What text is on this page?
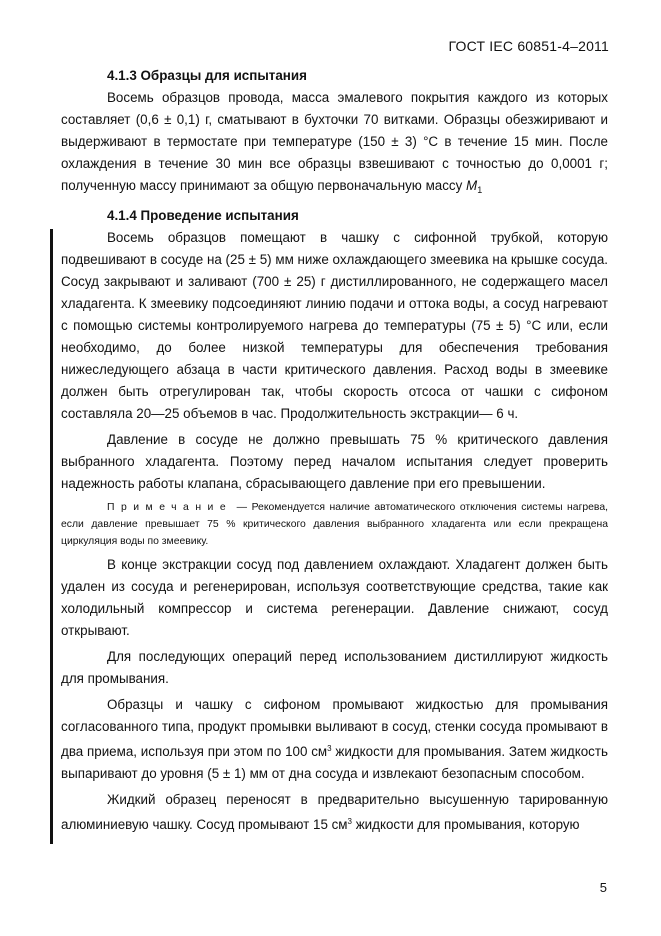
ГОСТ IEC 60851-4–2011

4.1.3 Образцы для испытания

Восемь образцов провода, масса эмалевого покрытия каждого из которых составляет (0,6 ± 0,1) г, сматывают в бухточки 70 витками. Образцы обезжиривают и выдерживают в термостате при температуре (150 ± 3) °С в течение 15 мин. После охлаждения в течение 30 мин все образцы взвешивают с точностью до 0,0001 г; полученную массу принимают за общую первоначальную массу $M_1$

4.1.4 Проведение испытания

Восемь образцов помещают в чашку с сифонной трубкой, которую подвешивают в сосуде на (25 ± 5) мм ниже охлаждающего змеевика на крышке сосуда. Сосуд закрывают и заливают (700 ± 25) г дистиллированного, не содержащего масел хладагента. К змеевику подсоединяют линию подачи и оттока воды, а сосуд нагревают с помощью системы контролируемого нагрева до температуры (75 ± 5) °С или, если необходимо, до более низкой температуры для обеспечения требования нижеследующего абзаца в части критического давления. Расход воды в змеевике должен быть отрегулирован так, чтобы скорость отсоса от чашки с сифоном составляла 20—25 объемов в час. Продолжительность экстракции— 6 ч.

Давление в сосуде не должно превышать 75 % критического давления выбранного хладагента. Поэтому перед началом испытания следует проверить надежность работы клапана, сбрасывающего давление при его превышении.

Примечание — Рекомендуется наличие автоматического отключения системы нагрева, если давление превышает 75 % критического давления выбранного хладагента или если прекращена циркуляция воды по змеевику.

В конце экстракции сосуд под давлением охлаждают. Хладагент должен быть удален из сосуда и регенерирован, используя соответствующие средства, такие как холодильный компрессор и система регенерации. Давление снижают, сосуд открывают.

Для последующих операций перед использованием дистиллируют жидкость для промывания.

Образцы и чашку с сифоном промывают жидкостью для промывания согласованного типа, продукт промывки выливают в сосуд, стенки сосуда промывают в два приема, используя при этом по 100 $см^3$ жидкости для промывания. Затем жидкость выпаривают до уровня (5 ± 1) мм от дна сосуда и извлекают безопасным способом.

Жидкий образец переносят в предварительно высушенную тарированную алюминиевую чашку. Сосуд промывают 15 $см^3$ жидкости для промывания, которую

5
